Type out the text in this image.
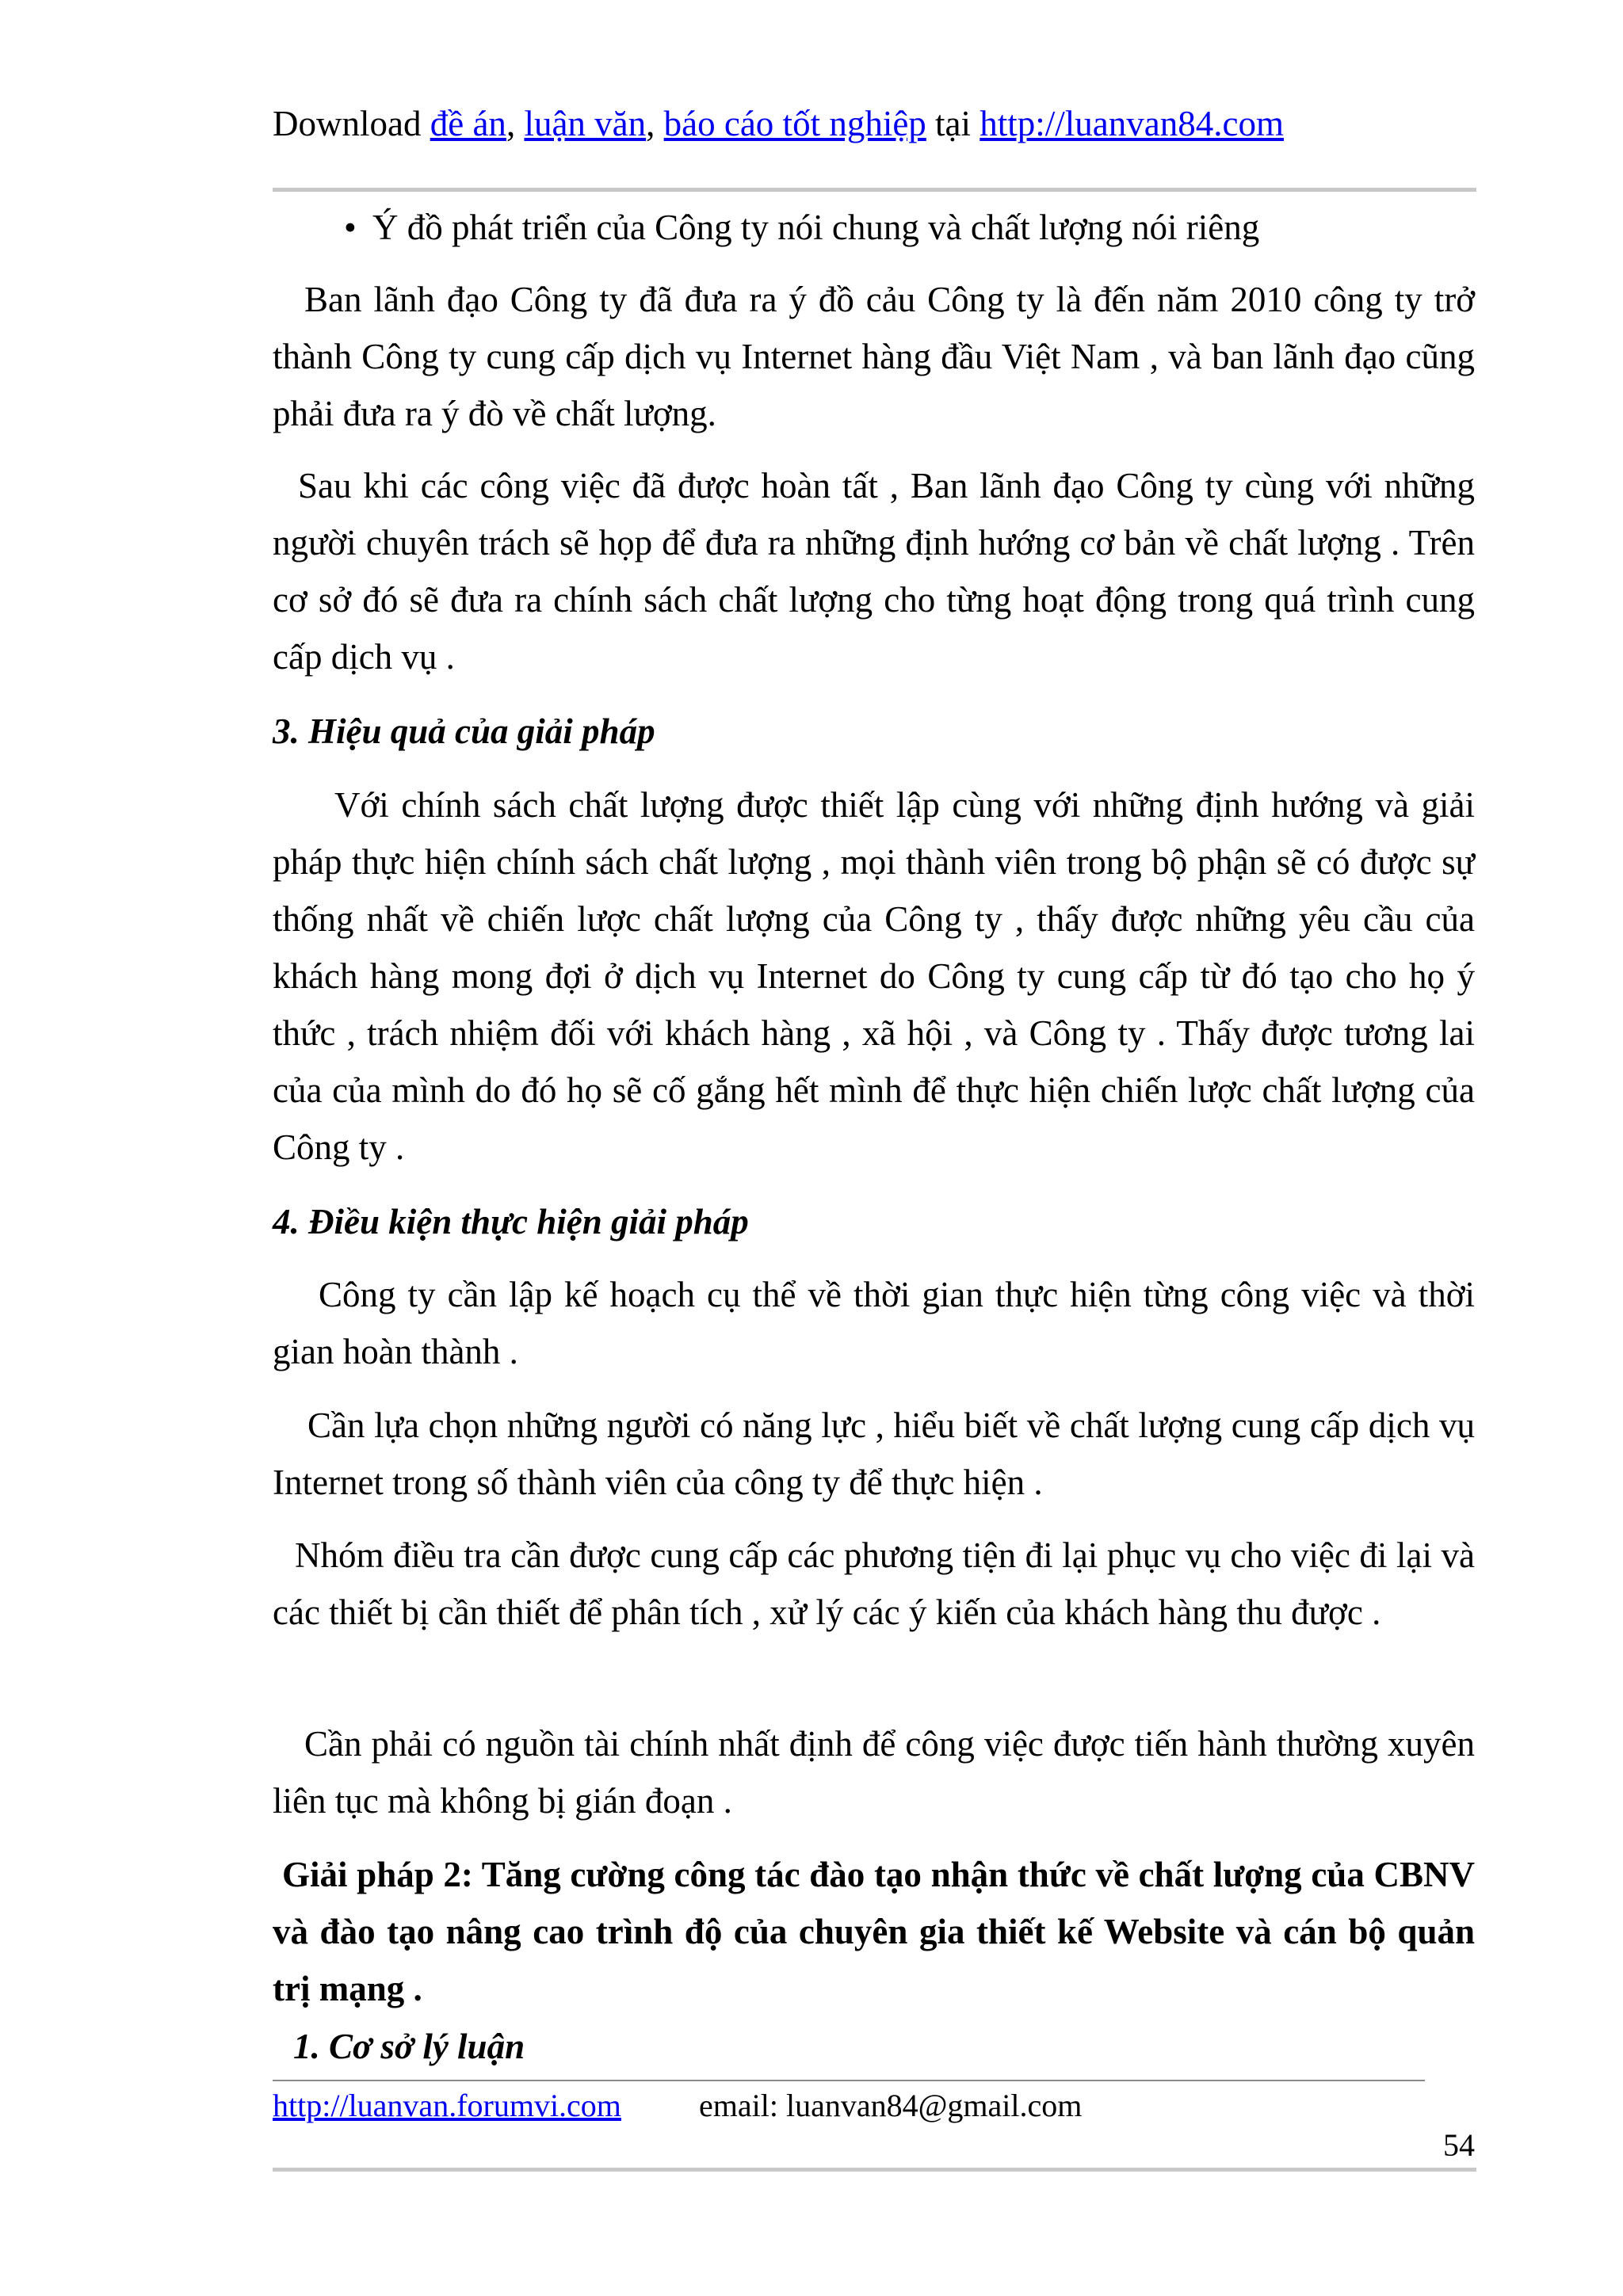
Download đề án, luận văn, báo cáo tốt nghiệp tại http://luanvan84.com
• Ý đồ phát triển của Công ty nói chung và chất lượng nói riêng
Ban lãnh đạo Công ty đã đưa ra ý đồ cảu Công ty là đến năm 2010 công ty trở thành Công ty cung cấp dịch vụ Internet hàng đầu Việt Nam , và ban lãnh đạo cũng phải đưa ra ý đò về chất lượng.
Sau khi các công việc đã được hoàn tất , Ban lãnh đạo Công ty cùng với những người chuyên trách sẽ họp để đưa ra những định hướng cơ bản về chất lượng . Trên cơ sở đó sẽ đưa ra chính sách chất lượng cho từng hoạt động trong quá trình cung cấp dịch vụ .
3. Hiệu quả của giải pháp
Với chính sách chất lượng được thiết lập cùng với những định hướng và giải pháp thực hiện chính sách chất lượng , mọi thành viên trong bộ phận sẽ có được sự thống nhất về chiến lược chất lượng của Công ty , thấy được những yêu cầu của khách hàng mong đợi ở dịch vụ Internet do Công ty cung cấp từ đó tạo cho họ ý thức , trách nhiệm đối với khách hàng , xã hội , và Công ty . Thấy được tương lai của của mình do đó họ sẽ cố gắng hết mình để thực hiện chiến lược chất lượng của Công ty .
4. Điều kiện thực hiện giải pháp
Công ty cần lập kế hoạch cụ thể về thời gian thực hiện từng công việc và thời gian hoàn thành .
Cần lựa chọn những người có năng lực , hiểu biết về chất lượng cung cấp dịch vụ Internet trong số thành viên của công ty để thực hiện .
Nhóm điều tra cần được cung cấp các phương tiện đi lại phục vụ cho việc đi lại và các thiết bị cần thiết để phân tích , xử lý các ý kiến của khách hàng thu được .
Cần phải có nguồn tài chính nhất định để công việc được tiến hành thường xuyên liên tục mà không bị gián đoạn .
Giải pháp 2: Tăng cường công tác đào tạo nhận thức về chất lượng của CBNV và đào tạo nâng cao trình độ của chuyên gia thiết kế Website và cán bộ quản trị mạng .
1. Cơ sở lý luận
http://luanvan.forumvi.com email: luanvan84@gmail.com
54
